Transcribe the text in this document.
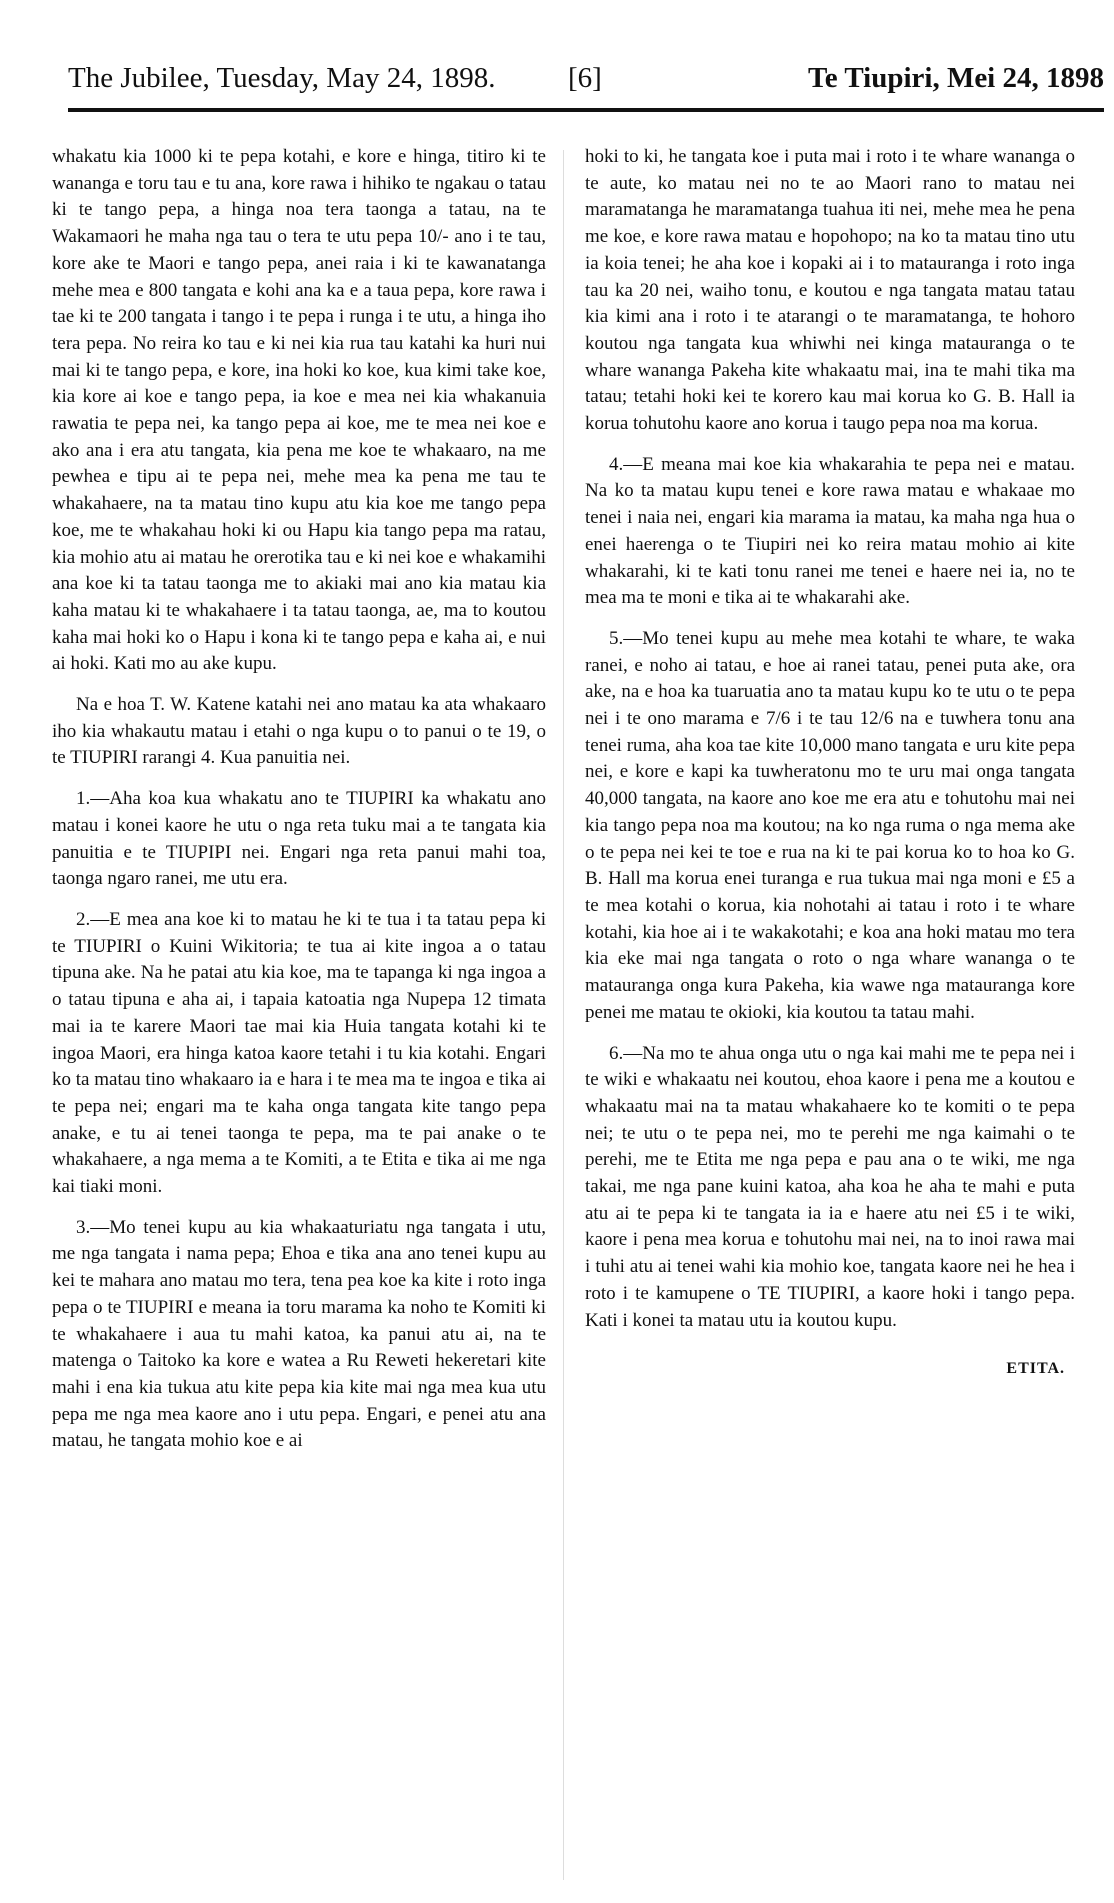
The Jubilee, Tuesday, May 24, 1898.	[6]	Te Tiupiri, Mei 24, 1898

whakatu kia 1000 ki te pepa kotahi, e kore e hinga, titiro ki te wananga e toru tau e tu ana, kore rawa i hihiko te ngakau o tatau ki te tango pepa, a hinga noa tera taonga a tatau, na te Wakamaori he maha nga tau o tera te utu pepa 10/- ano i te tau, kore ake te Maori e tango pepa, anei raia i ki te kawanatanga mehe mea e 800 tangata e kohi ana ka e a taua pepa, kore rawa i tae ki te 200 tangata i tango i te pepa i runga i te utu, a hinga iho tera pepa. No reira ko tau e ki nei kia rua tau katahi ka huri nui mai ki te tango pepa, e kore, ina hoki ko koe, kua kimi take koe, kia kore ai koe e tango pepa, ia koe e mea nei kia whakanuia rawatia te pepa nei, ka tango pepa ai koe, me te mea nei koe e ako ana i era atu tangata, kia pena me koe te whakaaro, na me pewhea e tipu ai te pepa nei, mehe mea ka pena me tau te whakahaere, na ta matau tino kupu atu kia koe me tango pepa koe, me te whakahau hoki ki ou Hapu kia tango pepa ma ratau, kia mohio atu ai matau he orerotika tau e ki nei koe e whakamihi ana koe ki ta tatau taonga me to akiaki mai ano kia matau kia kaha matau ki te whakahaere i ta tatau taonga, ae, ma to koutou kaha mai hoki ko o Hapu i kona ki te tango pepa e kaha ai, e nui ai hoki. Kati mo au ake kupu.

Na e hoa T. W. Katene katahi nei ano matau ka ata whakaaro iho kia whakautu matau i etahi o nga kupu o to panui o te 19, o te TIUPIRI rarangi 4. Kua panuitia nei.

1.—Aha koa kua whakatu ano te TIUPIRI ka whakatu ano matau i konei kaore he utu o nga reta tuku mai a te tangata kia panuitia e te TIUPIPI nei. Engari nga reta panui mahi toa, taonga ngaro ranei, me utu era.

2.—E mea ana koe ki to matau he ki te tua i ta tatau pepa ki te TIUPIRI o Kuini Wikitoria; te tua ai kite ingoa a o tatau tipuna ake. Na he patai atu kia koe, ma te tapanga ki nga ingoa a o tatau tipuna e aha ai, i tapaia katoatia nga Nupepa 12 timata mai ia te karere Maori tae mai kia Huia tangata kotahi ki te ingoa Maori, era hinga katoa kaore tetahi i tu kia kotahi. Engari ko ta matau tino whakaaro ia e hara i te mea ma te ingoa e tika ai te pepa nei; engari ma te kaha onga tangata kite tango pepa anake, e tu ai tenei taonga te pepa, ma te pai anake o te whakahaere, a nga mema a te Komiti, a te Etita e tika ai me nga kai tiaki moni.

3.—Mo tenei kupu au kia whakaaturiatu nga tangata i utu, me nga tangata i nama pepa; Ehoa e tika ana ano tenei kupu au kei te mahara ano matau mo tera, tena pea koe ka kite i roto inga pepa o te TIUPIRI e meana ia toru marama ka noho te Komiti ki te whakahaere i aua tu mahi katoa, ka panui atu ai, na te matenga o Taitoko ka kore e watea a Ru Reweti hekeretari kite mahi i ena kia tukua atu kite pepa kia kite mai nga mea kua utu pepa me nga mea kaore ano i utu pepa. Engari, e penei atu ana matau, he tangata mohio koe e ai

hoki to ki, he tangata koe i puta mai i roto i te whare wananga o te aute, ko matau nei no te ao Maori rano to matau nei maramatanga he maramatanga tuahua iti nei, mehe mea he pena me koe, e kore rawa matau e hopohopo; na ko ta matau tino utu ia koia tenei; he aha koe i kopaki ai i to matauranga i roto inga tau ka 20 nei, waiho tonu, e koutou e nga tangata matau tatau kia kimi ana i roto i te atarangi o te maramatanga, te hohoro koutou nga tangata kua whiwhi nei kinga matauranga o te whare wananga Pakeha kite whakaatu mai, ina te mahi tika ma tatau; tetahi hoki kei te korero kau mai korua ko G. B. Hall ia korua tohutohu kaore ano korua i taugo pepa noa ma korua.

4.—E meana mai koe kia whakarahia te pepa nei e matau. Na ko ta matau kupu tenei e kore rawa matau e whakaae mo tenei i naia nei, engari kia marama ia matau, ka maha nga hua o enei haerenga o te Tiupiri nei ko reira matau mohio ai kite whakarahi, ki te kati tonu ranei me tenei e haere nei ia, no te mea ma te moni e tika ai te whakarahi ake.

5.—Mo tenei kupu au mehe mea kotahi te whare, te waka ranei, e noho ai tatau, e hoe ai ranei tatau, penei puta ake, ora ake, na e hoa ka tuaruatia ano ta matau kupu ko te utu o te pepa nei i te ono marama e 7/6 i te tau 12/6 na e tuwhera tonu ana tenei ruma, aha koa tae kite 10,000 mano tangata e uru kite pepa nei, e kore e kapi ka tuwheratonu mo te uru mai onga tangata 40,000 tangata, na kaore ano koe me era atu e tohutohu mai nei kia tango pepa noa ma koutou; na ko nga ruma o nga mema ake o te pepa nei kei te toe e rua na ki te pai korua ko to hoa ko G. B. Hall ma korua enei turanga e rua tukua mai nga moni e £5 a te mea kotahi o korua, kia nohotahi ai tatau i roto i te whare kotahi, kia hoe ai i te wakakotahi; e koa ana hoki matau mo tera kia eke mai nga tangata o roto o nga whare wananga o te matauranga onga kura Pakeha, kia wawe nga matauranga kore penei me matau te okioki, kia koutou ta tatau mahi.

6.—Na mo te ahua onga utu o nga kai mahi me te pepa nei i te wiki e whakaatu nei koutou, ehoa kaore i pena me a koutou e whakaatu mai na ta matau whakahaere ko te komiti o te pepa nei; te utu o te pepa nei, mo te perehi me nga kaimahi o te perehi, me te Etita me nga pepa e pau ana o te wiki, me nga takai, me nga pane kuini katoa, aha koa he aha te mahi e puta atu ai te pepa ki te tangata ia ia e haere atu nei £5 i te wiki, kaore i pena mea korua e tohutohu mai nei, na to inoi rawa mai i tuhi atu ai tenei wahi kia mohio koe, tangata kaore nei he hea i roto i te kamupene o TE TIUPIRI, a kaore hoki i tango pepa. Kati i konei ta matau utu ia koutou kupu.

ETITA.
